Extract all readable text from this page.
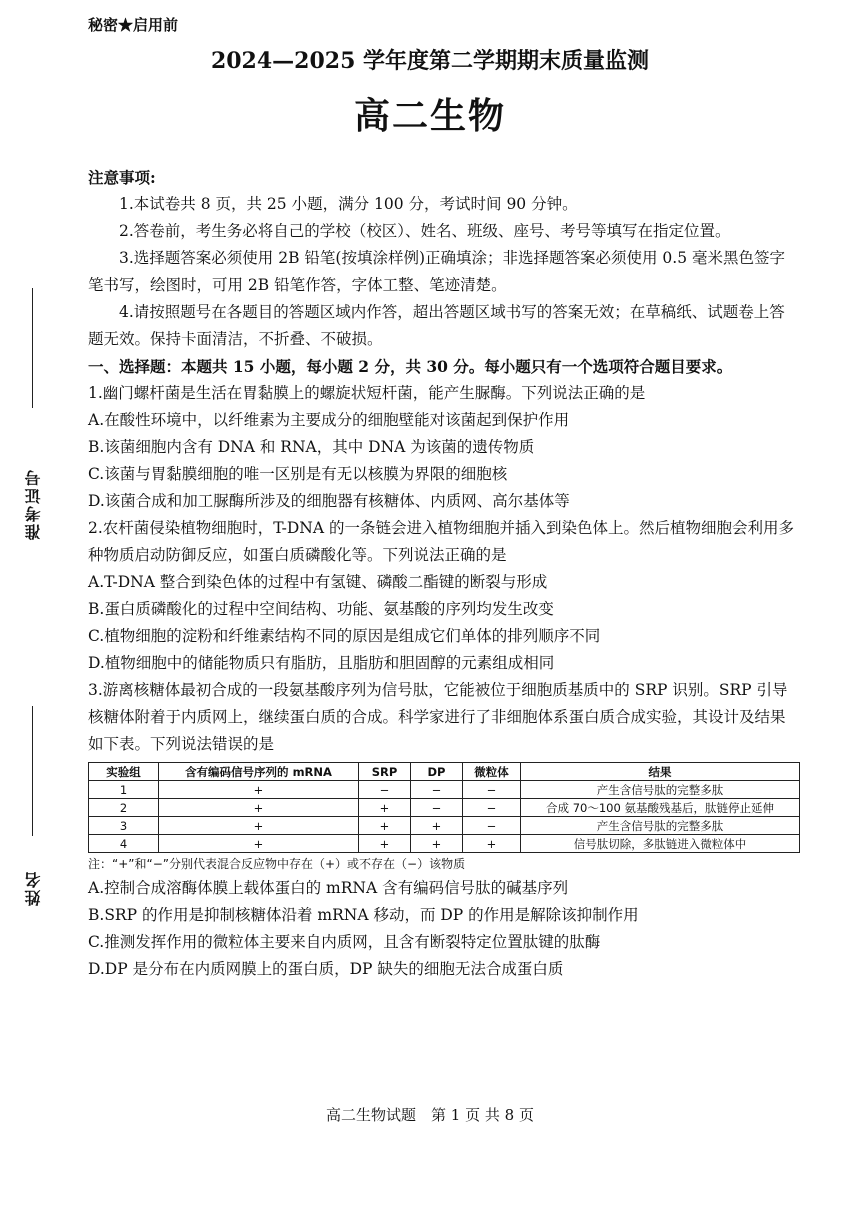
秘密★启用前
2024—2025 学年度第二学期期末质量监测
高二生物
准考证号
姓名

注意事项:

1.本试卷共 8 页，共 25 小题，满分 100 分，考试时间 90 分钟。

2.答卷前，考生务必将自己的学校（校区）、姓名、班级、座号、考号等填写在指定位置。

3.选择题答案必须使用 2B 铅笔(按填涂样例)正确填涂；非选择题答案必须使用 0.5 毫米黑色签字笔书写，绘图时，可用 2B 铅笔作答，字体工整、笔迹清楚。

4.请按照题号在各题目的答题区域内作答，超出答题区域书写的答案无效；在草稿纸、试题卷上答题无效。保持卡面清洁，不折叠、不破损。

一、选择题：本题共 15 小题，每小题 2 分，共 30 分。每小题只有一个选项符合题目要求。

1.幽门螺杆菌是生活在胃黏膜上的螺旋状短杆菌，能产生脲酶。下列说法正确的是

A.在酸性环境中，以纤维素为主要成分的细胞壁能对该菌起到保护作用

B.该菌细胞内含有 DNA 和 RNA，其中 DNA 为该菌的遗传物质

C.该菌与胃黏膜细胞的唯一区别是有无以核膜为界限的细胞核

D.该菌合成和加工脲酶所涉及的细胞器有核糖体、内质网、高尔基体等

2.农杆菌侵染植物细胞时，T-DNA 的一条链会进入植物细胞并插入到染色体上。然后植物细胞会利用多种物质启动防御反应，如蛋白质磷酸化等。下列说法正确的是

A.T-DNA 整合到染色体的过程中有氢键、磷酸二酯键的断裂与形成

B.蛋白质磷酸化的过程中空间结构、功能、氨基酸的序列均发生改变

C.植物细胞的淀粉和纤维素结构不同的原因是组成它们单体的排列顺序不同

D.植物细胞中的储能物质只有脂肪，且脂肪和胆固醇的元素组成相同

3.游离核糖体最初合成的一段氨基酸序列为信号肽，它能被位于细胞质基质中的 SRP 识别。SRP 引导核糖体附着于内质网上，继续蛋白质的合成。科学家进行了非细胞体系蛋白质合成实验，其设计及结果如下表。下列说法错误的是

实验组	含有编码信号序列的 mRNA	SRP	DP	微粒体	结果
1	+	−	−	−	产生含信号肽的完整多肽
2	+	+	−	−	合成 70～100 氨基酸残基后，肽链停止延伸
3	+	+	+	−	产生含信号肽的完整多肽
4	+	+	+	+	信号肽切除，多肽链进入微粒体中

注：“+”和“−”分别代表混合反应物中存在（+）或不存在（−）该物质

A.控制合成溶酶体膜上载体蛋白的 mRNA 含有编码信号肽的碱基序列

B.SRP 的作用是抑制核糖体沿着 mRNA 移动，而 DP 的作用是解除该抑制作用

C.推测发挥作用的微粒体主要来自内质网，且含有断裂特定位置肽键的肽酶

D.DP 是分布在内质网膜上的蛋白质，DP 缺失的细胞无法合成蛋白质

高二生物试题　第 1 页 共 8 页
